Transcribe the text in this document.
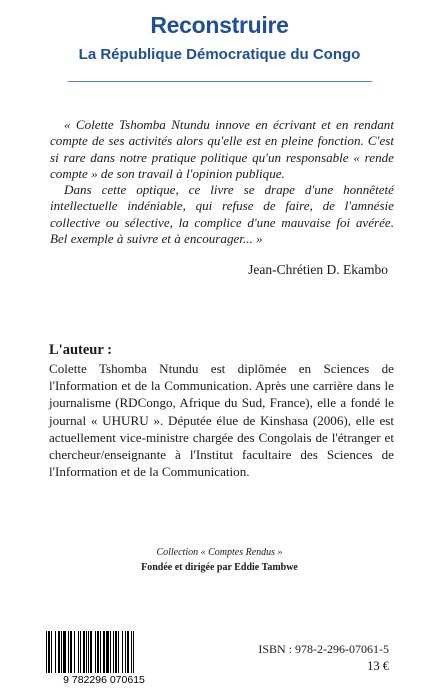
Reconstruire
La République Démocratique du Congo

« Colette Tshomba Ntundu innove en écrivant et en rendant compte de ses activités alors qu'elle est en pleine fonction. C'est si rare dans notre pratique politique qu'un responsable « rende compte » de son travail à l'opinion publique.

Dans cette optique, ce livre se drape d'une honnêteté intellectuelle indéniable, qui refuse de faire, de l'amnésie collective ou sélective, la complice d'une mauvaise foi avérée. Bel exemple à suivre et à encourager... »

Jean-Chrétien D. Ekambo
L'auteur :

Colette Tshomba Ntundu est diplômée en Sciences de l'Information et de la Communication. Après une carrière dans le journalisme (RDCongo, Afrique du Sud, France), elle a fondé le journal « UHURU ». Députée élue de Kinshasa (2006), elle est actuellement vice-ministre chargée des Congolais de l'étranger et chercheur/enseignante à l'Institut facultaire des Sciences de l'Information et de la Communication.

Collection « Comptes Rendus »
Fondée et dirigée par Eddie Tambwe
9 782296 070615
ISBN : 978-2-296-07061-5
13 €
